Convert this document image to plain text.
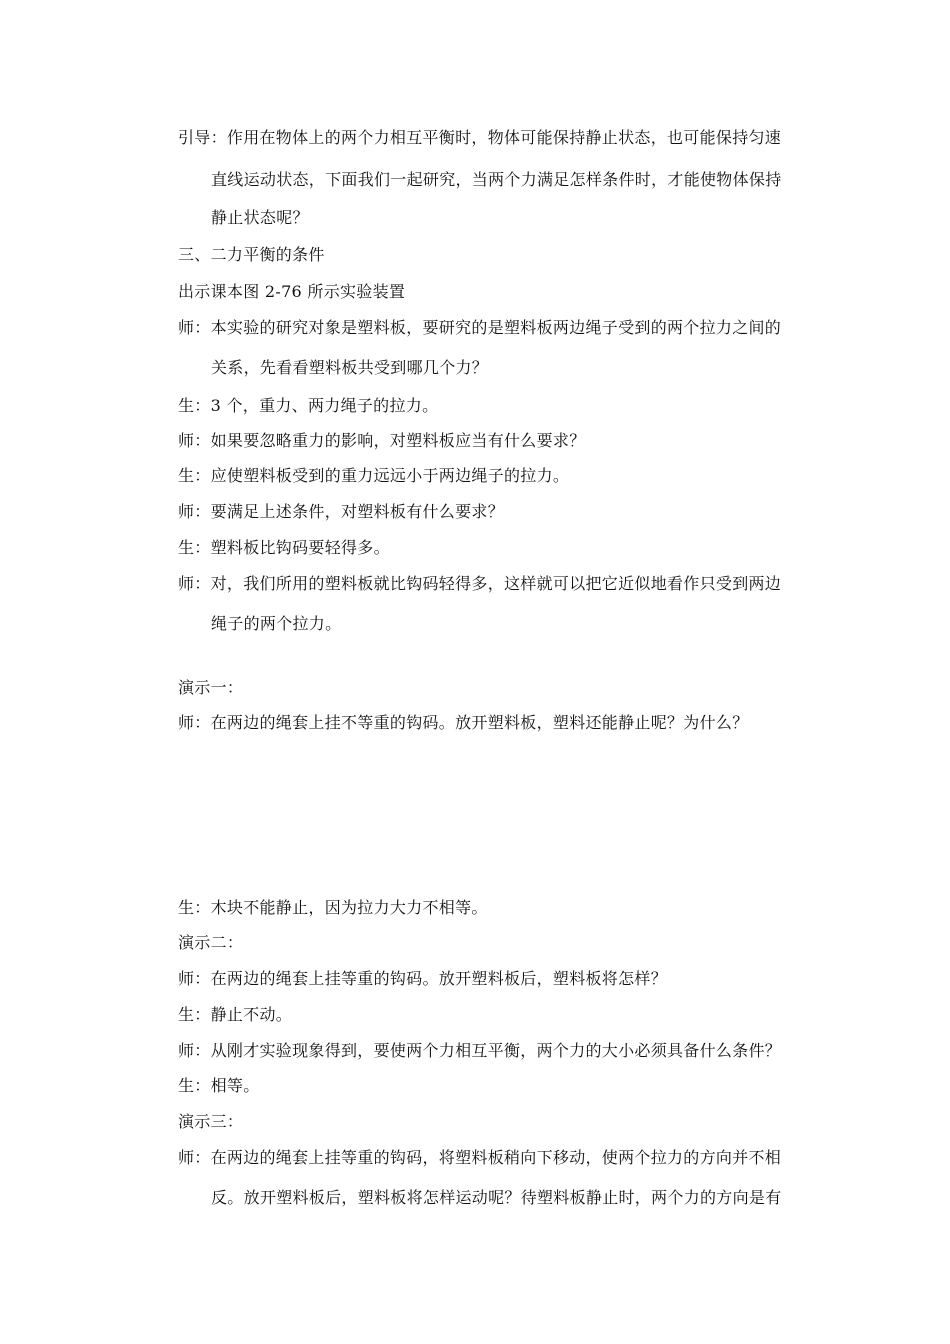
引导：作用在物体上的两个力相互平衡时，物体可能保持静止状态，也可能保持匀速
直线运动状态，下面我们一起研究，当两个力满足怎样条件时，才能使物体保持
静止状态呢？
三、二力平衡的条件
出示课本图 2-76 所示实验装置
师：本实验的研究对象是塑料板，要研究的是塑料板两边绳子受到的两个拉力之间的
关系，先看看塑料板共受到哪几个力？
生：3 个，重力、两力绳子的拉力。
师：如果要忽略重力的影响，对塑料板应当有什么要求？
生：应使塑料板受到的重力远远小于两边绳子的拉力。
师：要满足上述条件，对塑料板有什么要求？
生：塑料板比钩码要轻得多。
师：对，我们所用的塑料板就比钩码轻得多，这样就可以把它近似地看作只受到两边
绳子的两个拉力。
演示一：
师：在两边的绳套上挂不等重的钩码。放开塑料板，塑料还能静止呢？为什么？
生：木块不能静止，因为拉力大力不相等。
演示二：
师：在两边的绳套上挂等重的钩码。放开塑料板后，塑料板将怎样？
生：静止不动。
师：从刚才实验现象得到，要使两个力相互平衡，两个力的大小必须具备什么条件？
生：相等。
演示三：
师：在两边的绳套上挂等重的钩码，将塑料板稍向下移动，使两个拉力的方向并不相
反。放开塑料板后，塑料板将怎样运动呢？待塑料板静止时，两个力的方向是有
